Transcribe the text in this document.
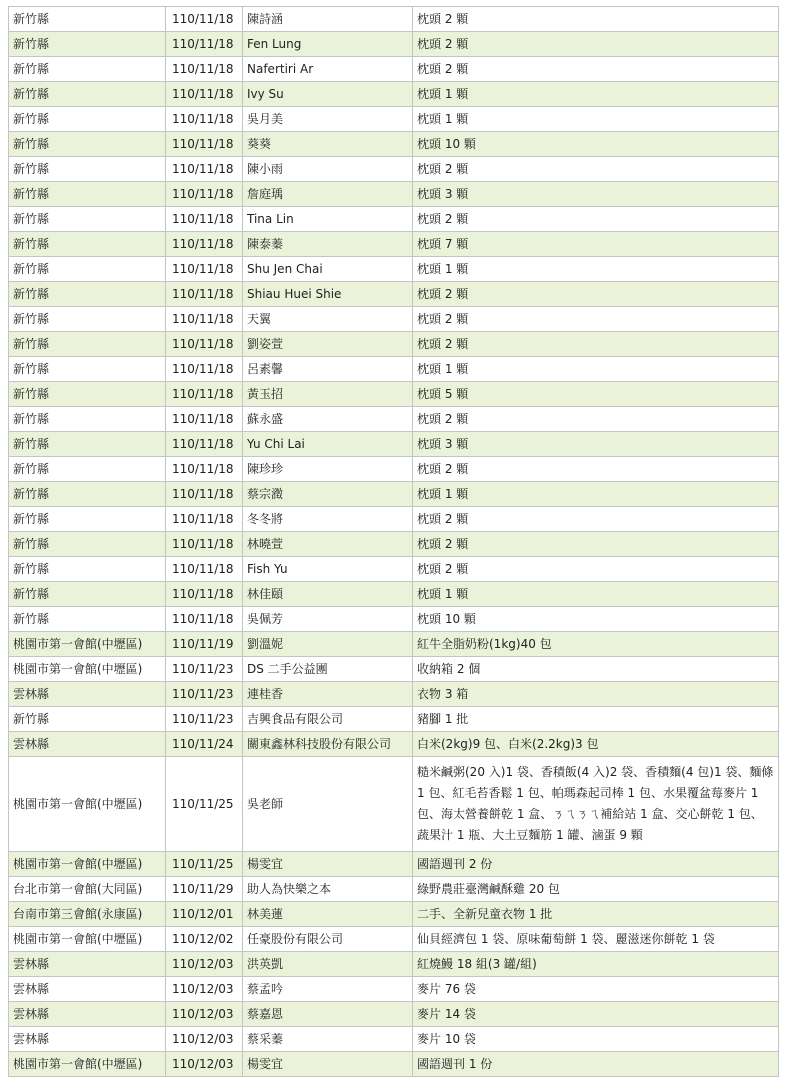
新竹縣	110/11/18	陳詩涵	枕頭 2 顆
新竹縣	110/11/18	Fen Lung	枕頭 2 顆
新竹縣	110/11/18	Nafertiri Ar	枕頭 2 顆
新竹縣	110/11/18	Ivy Su	枕頭 1 顆
新竹縣	110/11/18	吳月美	枕頭 1 顆
新竹縣	110/11/18	葵葵	枕頭 10 顆
新竹縣	110/11/18	陳小雨	枕頭 2 顆
新竹縣	110/11/18	詹庭瑀	枕頭 3 顆
新竹縣	110/11/18	Tina Lin	枕頭 2 顆
新竹縣	110/11/18	陳泰蓁	枕頭 7 顆
新竹縣	110/11/18	Shu Jen Chai	枕頭 1 顆
新竹縣	110/11/18	Shiau Huei Shie	枕頭 2 顆
新竹縣	110/11/18	天翼	枕頭 2 顆
新竹縣	110/11/18	劉姿萱	枕頭 2 顆
新竹縣	110/11/18	呂素馨	枕頭 1 顆
新竹縣	110/11/18	黃玉招	枕頭 5 顆
新竹縣	110/11/18	蘇永盛	枕頭 2 顆
新竹縣	110/11/18	Yu Chi Lai	枕頭 3 顆
新竹縣	110/11/18	陳珍珍	枕頭 2 顆
新竹縣	110/11/18	蔡宗瀓	枕頭 1 顆
新竹縣	110/11/18	冬冬將	枕頭 2 顆
新竹縣	110/11/18	林曉萱	枕頭 2 顆
新竹縣	110/11/18	Fish Yu	枕頭 2 顆
新竹縣	110/11/18	林佳頤	枕頭 1 顆
新竹縣	110/11/18	吳佩芳	枕頭 10 顆
桃園市第一會館(中壢區)	110/11/19	劉溫妮	紅牛全脂奶粉(1kg)40 包
桃園市第一會館(中壢區)	110/11/23	DS 二手公益團	收納箱 2 個
雲林縣	110/11/23	連桂香	衣物 3 箱
新竹縣	110/11/23	吉興食品有限公司	豬腳 1 批
雲林縣	110/11/24	關東鑫林科技股份有限公司	白米(2kg)9 包、白米(2.2kg)3 包
桃園市第一會館(中壢區)	110/11/25	吳老師	糙米鹹粥(20 入)1 袋、香積飯(4 入)2 袋、香積麵(4 包)1 袋、麵條 1 包、紅毛苔香鬆 1 包、帕瑪森起司棒 1 包、水果覆盆莓麥片 1 包、海太營養餅乾 1 盒、ㄋㄟㄋㄟ補給站 1 盒、交心餅乾 1 包、蔬果汁 1 瓶、大土豆麵筋 1 罐、滷蛋 9 顆
桃園市第一會館(中壢區)	110/11/25	楊雯宜	國語週刊 2 份
台北市第一會館(大同區)	110/11/29	助人為快樂之本	綠野農莊臺灣鹹酥雞 20 包
台南市第三會館(永康區)	110/12/01	林美蓮	二手、全新兒童衣物 1 批
桃園市第一會館(中壢區)	110/12/02	任豪股份有限公司	仙貝經濟包 1 袋、原味葡萄餅 1 袋、麗滋迷你餅乾 1 袋
雲林縣	110/12/03	洪英凱	紅燒鰻 18 組(3 罐/組)
雲林縣	110/12/03	蔡孟吟	麥片 76 袋
雲林縣	110/12/03	蔡嘉恩	麥片 14 袋
雲林縣	110/12/03	蔡采蓁	麥片 10 袋
桃園市第一會館(中壢區)	110/12/03	楊雯宜	國語週刊 1 份
